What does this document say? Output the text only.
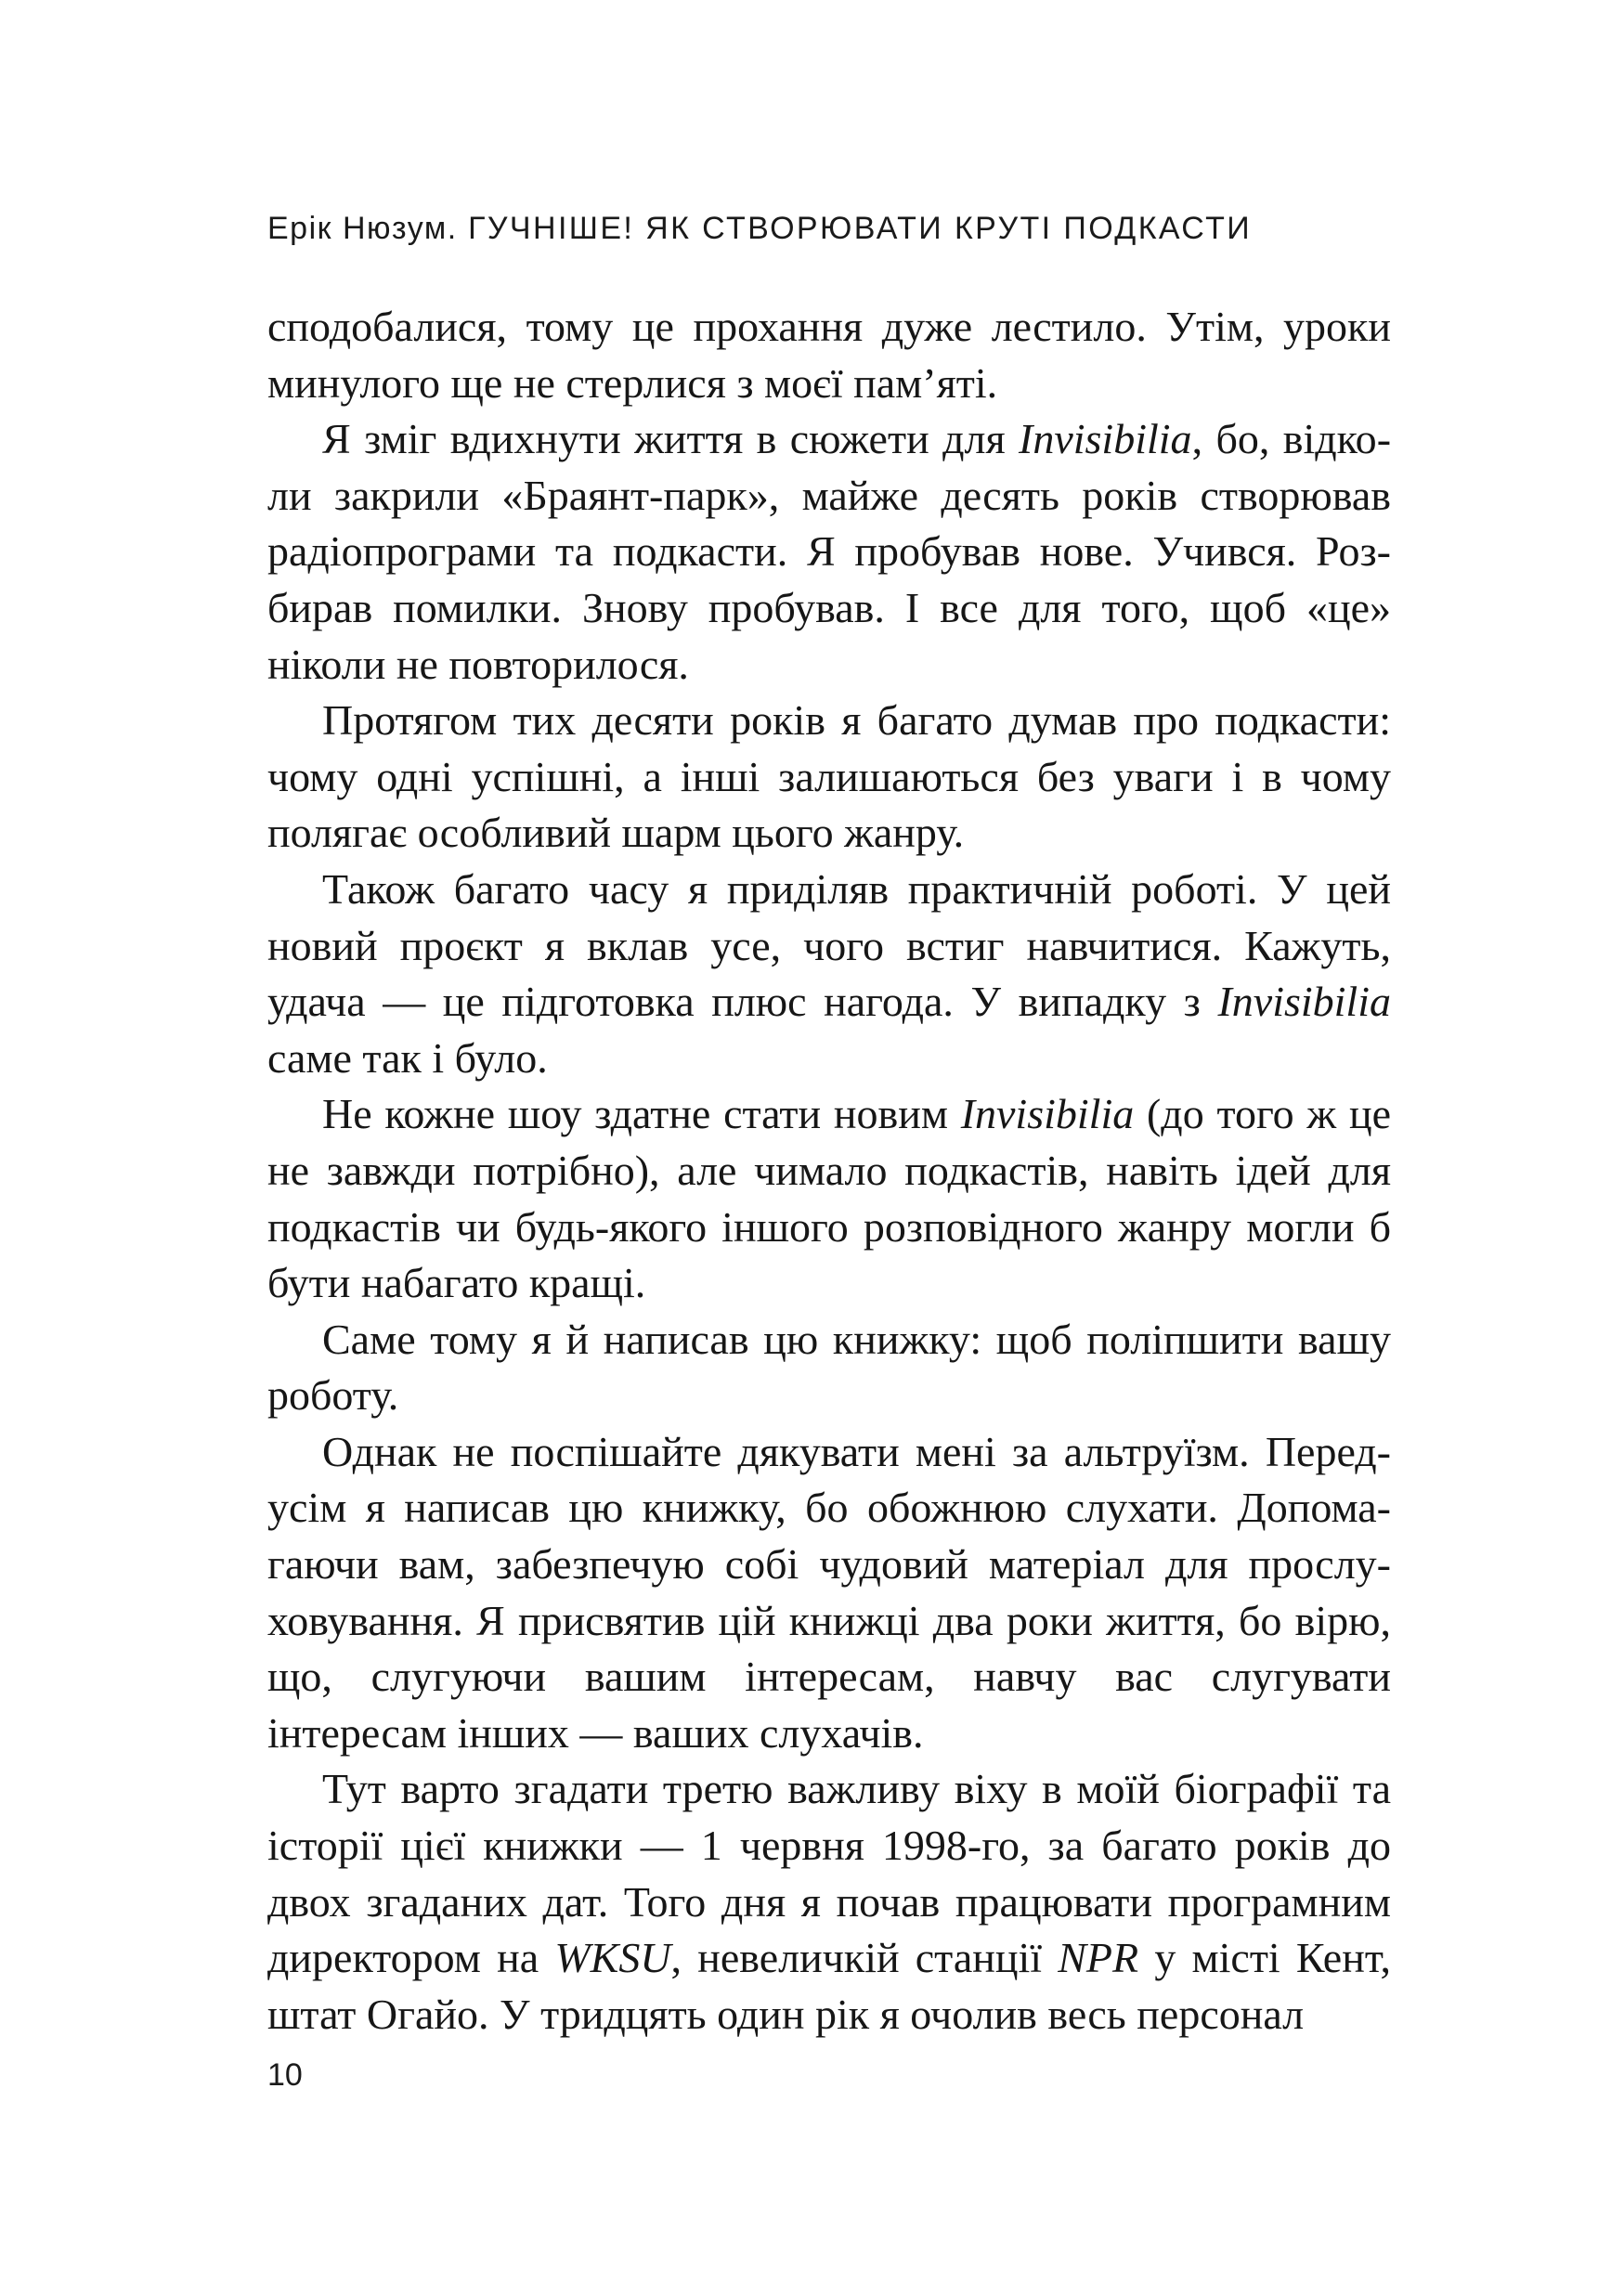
Ерік Нюзум. ГУЧНІШЕ! ЯК СТВОРЮВАТИ КРУТІ ПОДКАСТИ

сподобалися, тому це прохання дуже лестило. Утім, уроки минулого ще не стерлися з моєї пам’яті.

Я зміг вдихнути життя в сюжети для Invisibilia, бо, відколи закрили «Браянт-парк», майже десять років створював радіопрограми та подкасти. Я пробував нове. Учився. Розбирав помилки. Знову пробував. І все для того, щоб «це» ніколи не повторилося.

Протягом тих десяти років я багато думав про подкасти: чому одні успішні, а інші залишаються без уваги і в чому полягає особливий шарм цього жанру.

Також багато часу я приділяв практичній роботі. У цей новий проєкт я вклав усе, чого встиг навчитися. Кажуть, удача — це підготовка плюс нагода. У випадку з Invisibilia саме так і було.

Не кожне шоу здатне стати новим Invisibilia (до того ж це не завжди потрібно), але чимало подкастів, навіть ідей для подкастів чи будь-якого іншого розповідного жанру могли б бути набагато кращі.

Саме тому я й написав цю книжку: щоб поліпшити вашу роботу.

Однак не поспішайте дякувати мені за альтруїзм. Передусім я написав цю книжку, бо обожнюю слухати. Допомагаючи вам, забезпечую собі чудовий матеріал для прослуховування. Я присвятив цій книжці два роки життя, бо вірю, що, слугуючи вашим інтересам, навчу вас слугувати інтересам інших — ваших слухачів.

Тут варто згадати третю важливу віху в моїй біографії та історії цієї книжки — 1 червня 1998-го, за багато років до двох згаданих дат. Того дня я почав працювати програмним директором на WKSU, невеличкій станції NPR у місті Кент, штат Огайо. У тридцять один рік я очолив весь персонал

10
